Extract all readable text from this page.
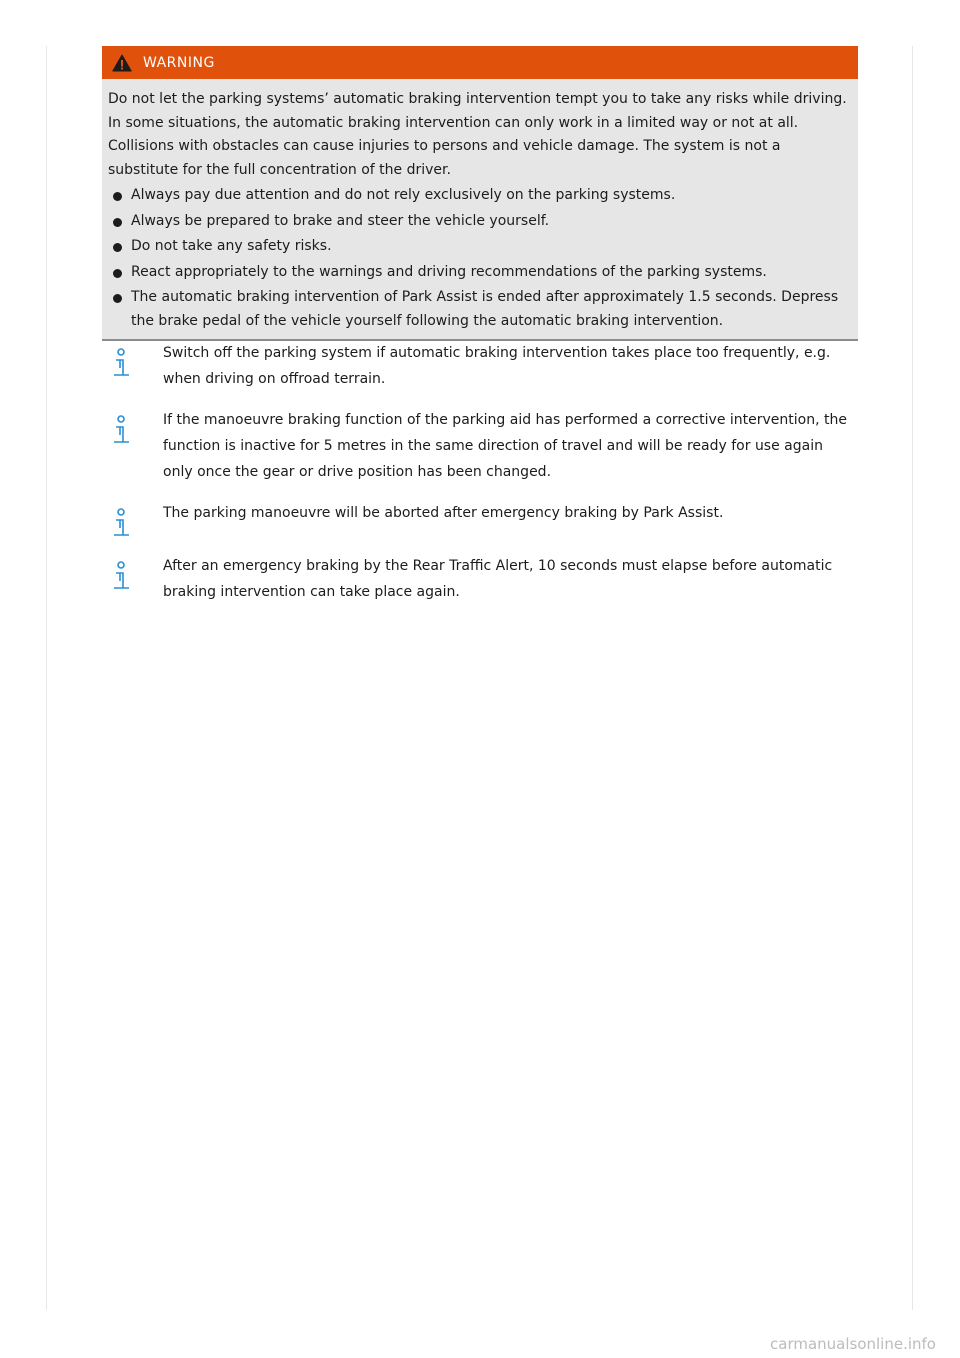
WARNING

Do not let the parking systems’ automatic braking intervention tempt you to take any risks while driving. In some situations, the automatic braking intervention can only work in a limited way or not at all. Collisions with obstacles can cause injuries to persons and vehicle damage. The system is not a substitute for the full concentration of the driver.

Always pay due attention and do not rely exclusively on the parking systems.
Always be prepared to brake and steer the vehicle yourself.
Do not take any safety risks.
React appropriately to the warnings and driving recommendations of the parking systems.
The automatic braking intervention of Park Assist is ended after approximately 1.5 seconds. Depress the brake pedal of the vehicle yourself following the automatic braking intervention.
Switch off the parking system if automatic braking intervention takes place too frequently, e.g. when driving on offroad terrain.
If the manoeuvre braking function of the parking aid has performed a corrective intervention, the function is inactive for 5 metres in the same direction of travel and will be ready for use again only once the gear or drive position has been changed.
The parking manoeuvre will be aborted after emergency braking by Park Assist.
After an emergency braking by the Rear Traffic Alert, 10 seconds must elapse before automatic braking intervention can take place again.
carmanualsonline.info
